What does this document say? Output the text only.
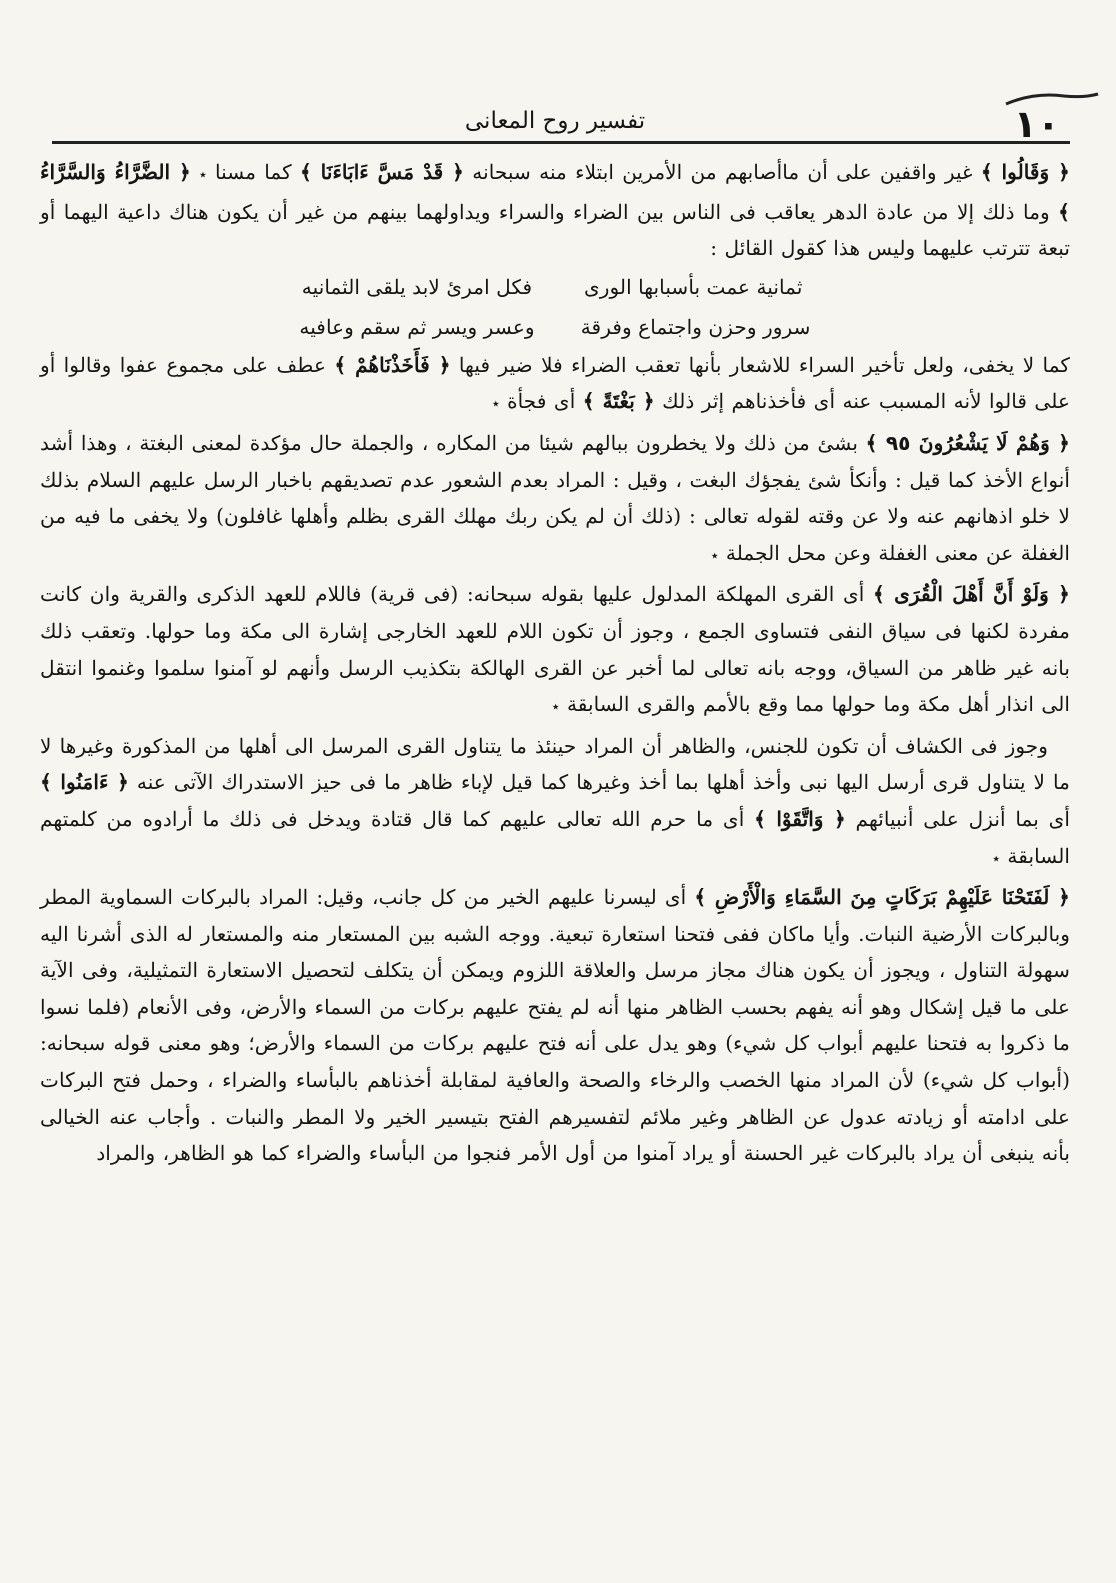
١٠
تفسير روح المعانى

﴿ وَقَالُوا ﴾ غير واقفين على أن ماأصابهم من الأمرين ابتلاء منه سبحانه ﴿ قَدْ مَسَّ ءَابَاءَنَا ﴾ كما مسنا ٭ ﴿ الضَّرَّاءُ وَالسَّرَّاءُ ﴾ وما ذلك إلا من عادة الدهر يعاقب فى الناس بين الضراء والسراء ويداولهما بينهم من غير أن يكون هناك داعية اليهما أو تبعة تترتب عليهما وليس هذا كقول القائل :

ثمانية عمت بأسبابها الورى
فكل امرئ لابد يلقى الثمانيه
سرور وحزن واجتماع وفرقة
وعسر ويسر ثم سقم وعافيه

كما لا يخفى، ولعل تأخير السراء للاشعار بأنها تعقب الضراء فلا ضير فيها ﴿ فَأَخَذْنَاهُمْ ﴾ عطف على مجموع عفوا وقالوا أو على قالوا لأنه المسبب عنه أى فأخذناهم إثر ذلك ﴿ بَغْتَةً ﴾ أى فجأة ٭

﴿ وَهُمْ لَا يَشْعُرُونَ ٩٥ ﴾ بشئ من ذلك ولا يخطرون ببالهم شيئا من المكاره ، والجملة حال مؤكدة لمعنى البغتة ، وهذا أشد أنواع الأخذ كما قيل : وأنكأ شئ يفجؤك البغت ، وقيل : المراد بعدم الشعور عدم تصديقهم باخبار الرسل عليهم السلام بذلك لا خلو اذهانهم عنه ولا عن وقته لقوله تعالى : (ذلك أن لم يكن ربك مهلك القرى بظلم وأهلها غافلون) ولا يخفى ما فيه من الغفلة عن معنى الغفلة وعن محل الجملة ٭

﴿ وَلَوْ أَنَّ أَهْلَ الْقُرَى ﴾ أى القرى المهلكة المدلول عليها بقوله سبحانه: (فى قرية) فاللام للعهد الذكرى والقرية وان كانت مفردة لكنها فى سياق النفى فتساوى الجمع ، وجوز أن تكون اللام للعهد الخارجى إشارة الى مكة وما حولها. وتعقب ذلك بانه غير ظاهر من السياق، ووجه بانه تعالى لما أخبر عن القرى الهالكة بتكذيب الرسل وأنهم لو آمنوا سلموا وغنموا انتقل الى انذار أهل مكة وما حولها مما وقع بالأمم والقرى السابقة ٭

وجوز فى الكشاف أن تكون للجنس، والظاهر أن المراد حينئذ ما يتناول القرى المرسل الى أهلها من المذكورة وغيرها لا ما لا يتناول قرى أرسل اليها نبى وأخذ أهلها بما أخذ وغيرها كما قيل لإباء ظاهر ما فى حيز الاستدراك الآتى عنه ﴿ ءَامَنُوا ﴾ أى بما أنزل على أنبيائهم ﴿ وَاتَّقَوْا ﴾ أى ما حرم الله تعالى عليهم كما قال قتادة ويدخل فى ذلك ما أرادوه من كلمتهم السابقة ٭

﴿ لَفَتَحْنَا عَلَيْهِمْ بَرَكَاتٍ مِنَ السَّمَاءِ وَالْأَرْضِ ﴾ أى ليسرنا عليهم الخير من كل جانب، وقيل: المراد بالبركات السماوية المطر وبالبركات الأرضية النبات. وأيا ماكان ففى فتحنا استعارة تبعية. ووجه الشبه بين المستعار منه والمستعار له الذى أشرنا اليه سهولة التناول ، ويجوز أن يكون هناك مجاز مرسل والعلاقة اللزوم ويمكن أن يتكلف لتحصيل الاستعارة التمثيلية، وفى الآية على ما قيل إشكال وهو أنه يفهم بحسب الظاهر منها أنه لم يفتح عليهم بركات من السماء والأرض، وفى الأنعام (فلما نسوا ما ذكروا به فتحنا عليهم أبواب كل شيء) وهو يدل على أنه فتح عليهم بركات من السماء والأرض؛ وهو معنى قوله سبحانه: (أبواب كل شيء) لأن المراد منها الخصب والرخاء والصحة والعافية لمقابلة أخذناهم بالبأساء والضراء ، وحمل فتح البركات على ادامته أو زيادته عدول عن الظاهر وغير ملائم لتفسيرهم الفتح بتيسير الخير ولا المطر والنبات . وأجاب عنه الخيالى بأنه ينبغى أن يراد بالبركات غير الحسنة أو يراد آمنوا من أول الأمر فنجوا من البأساء والضراء كما هو الظاهر، والمراد
